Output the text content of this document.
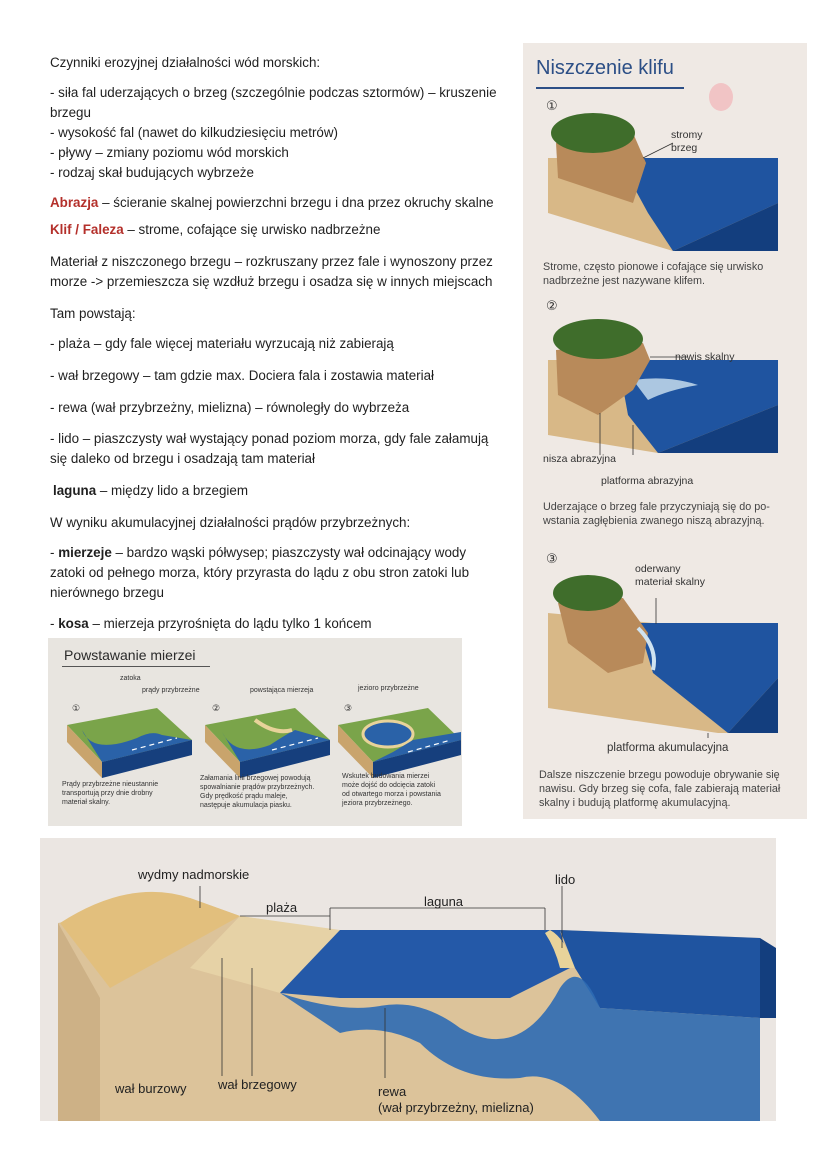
Czynniki erozyjnej działalności wód morskich:
- siła fal uderzających o brzeg (szczególnie podczas sztormów) – kruszenie
brzegu
- wysokość fal (nawet do kilkudziesięciu metrów)
- pływy – zmiany poziomu wód morskich
- rodzaj skał budujących wybrzeże
Abrazja – ścieranie skalnej powierzchni brzegu i dna przez okruchy skalne
Klif / Faleza – strome, cofające się urwisko nadbrzeżne
Materiał z niszczonego brzegu – rozkruszany przez fale i wynoszony przez
morze -> przemieszcza się wzdłuż brzegu i osadza się w innych miejscach
Tam powstają:
- plaża – gdy fale więcej materiału wyrzucają niż zabierają
- wał brzegowy – tam gdzie max. Dociera fala i zostawia materiał
- rewa (wał przybrzeżny, mielizna) – równoległy do wybrzeża
- lido – piaszczysty wał wystający ponad poziom morza, gdy fale załamują
się daleko od brzegu i osadzają tam materiał
laguna – między lido a brzegiem
W wyniku akumulacyjnej działalności prądów przybrzeżnych:
- mierzeje – bardzo wąski półwysep; piaszczysty wał odcinający wody
zatoki od pełnego morza, który przyrasta do lądu z obu stron zatoki lub
nierównego brzegu
- kosa – mierzeja przyrośnięta do lądu tylko 1 końcem
Niszczenie klifu
①
stromy
brzeg
Strome, często pionowe i cofające się urwisko
nadbrzeżne jest nazywane klifem.
②
nawis skalny
nisza abrazyjna
platforma abrazyjna
Uderzające o brzeg fale przyczyniają się do po-
wstania zagłębienia zwanego niszą abrazyjną.
③
oderwany
materiał skalny
platforma akumulacyjna
Dalsze niszczenie brzegu powoduje obrywanie się
nawisu. Gdy brzeg się cofa, fale zabierają materiał
skalny i budują platformę akumulacyjną.
Powstawanie mierzei
①
zatoka
prądy przybrzeżne
②
powstająca mierzeja
③
jezioro przybrzeżne
Prądy przybrzeżne nieustannie
transportują przy dnie drobny
materiał skalny.
Załamania linii brzegowej powodują
spowalnianie prądów przybrzeżnych.
Gdy prędkość prądu maleje,
następuje akumulacja piasku.
Wskutek budowania mierzei
może dojść do odcięcia zatoki
od otwartego morza i powstania
jeziora przybrzeżnego.
wydmy nadmorskie
plaża	laguna
lido
wał burzowy wał brzegowy	rewa
(wał przybrzeżny, mielizna)
